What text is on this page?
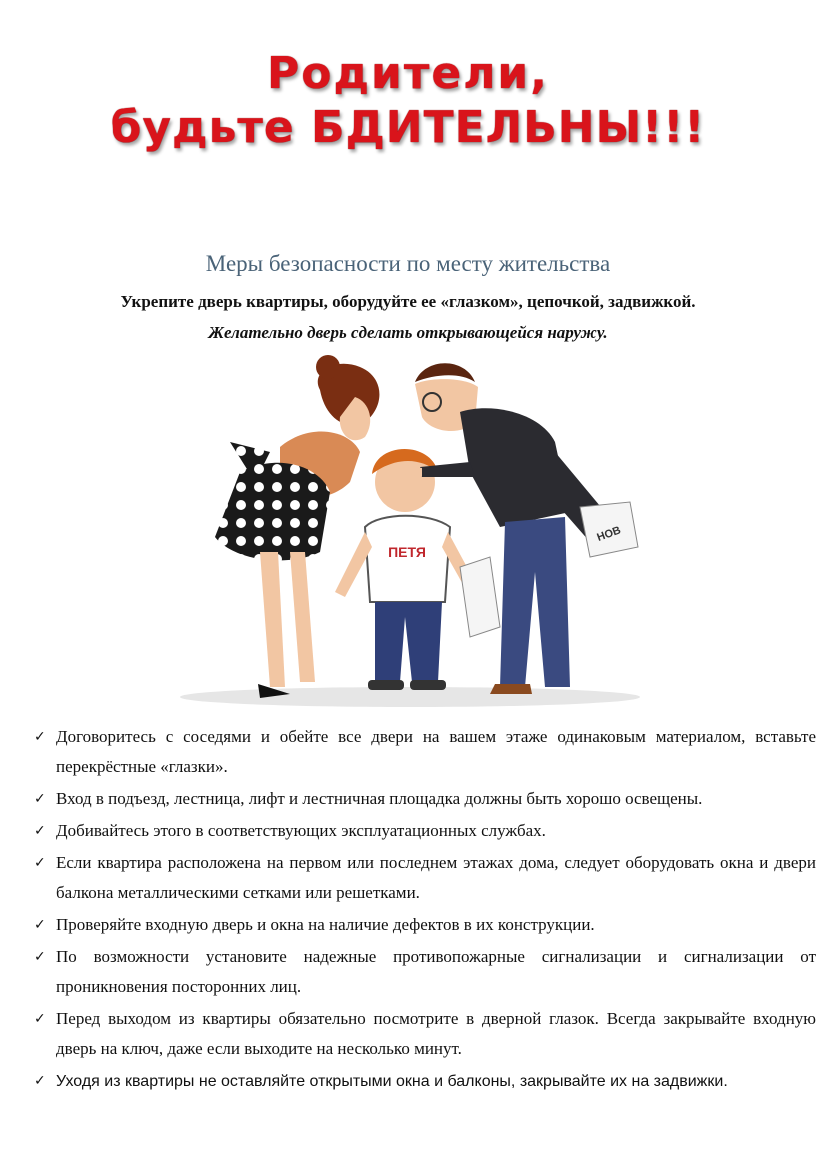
Родители,
будьте БДИТЕЛЬНЫ!!!
Меры безопасности по месту жительства
Укрепите дверь квартиры, оборудуйте ее «глазком», цепочкой, задвижкой.
Желательно дверь сделать открывающейся наружу.
ПЕТЯ
НОВ
✓ Договоритесь с соседями и обейте все двери на вашем этаже одинаковым материалом, вставьте перекрёстные «глазки».
✓ Вход в подъезд, лестница, лифт и лестничная площадка должны быть хорошо освещены.
✓ Добивайтесь этого в соответствующих эксплуатационных службах.
✓ Если квартира расположена на первом или последнем этажах дома, следует оборудовать окна и двери балкона металлическими сетками или решетками.
✓ Проверяйте входную дверь и окна на наличие дефектов в их конструкции.
✓ По возможности установите надежные противопожарные сигнализации и сигнализации от проникновения посторонних лиц.
✓ Перед выходом из квартиры обязательно посмотрите в дверной глазок. Всегда закрывайте входную дверь на ключ, даже если выходите на несколько минут.
✓ Уходя из квартиры не оставляйте открытыми окна и балконы, закрывайте их на задвижки.
